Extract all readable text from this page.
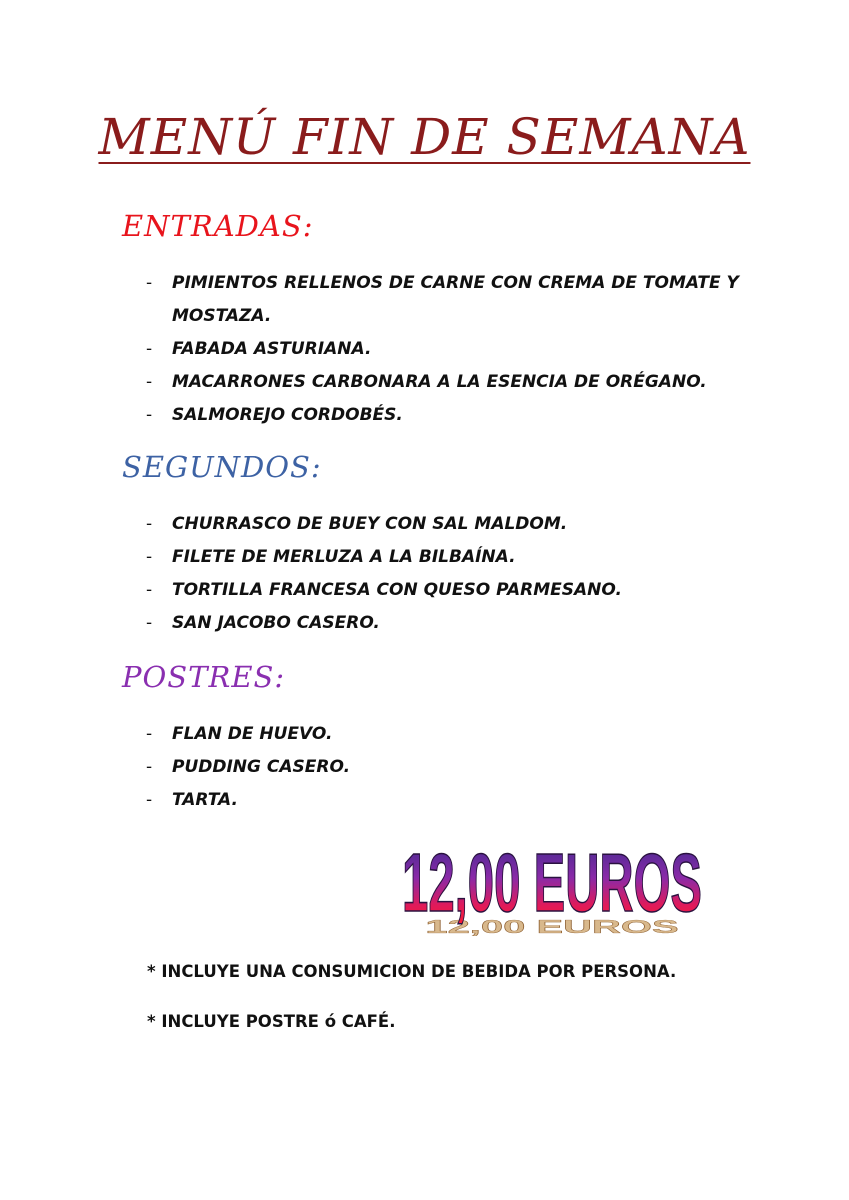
MENÚ FIN DE SEMANA
ENTRADAS:
- PIMIENTOS RELLENOS DE CARNE CON CREMA DE TOMATE Y MOSTAZA.
- FABADA ASTURIANA.
- MACARRONES CARBONARA A LA ESENCIA DE ORÉGANO.
- SALMOREJO CORDOBÉS.
SEGUNDOS:
- CHURRASCO DE BUEY CON SAL MALDOM.
- FILETE DE MERLUZA A LA BILBAÍNA.
- TORTILLA FRANCESA CON QUESO PARMESANO.
- SAN JACOBO CASERO.
POSTRES:
- FLAN DE HUEVO.
- PUDDING CASERO.
- TARTA.
12,00 EUROS
12,00 EUROS
* INCLUYE UNA CONSUMICION DE BEBIDA POR PERSONA.
* INCLUYE POSTRE ó CAFÉ.
